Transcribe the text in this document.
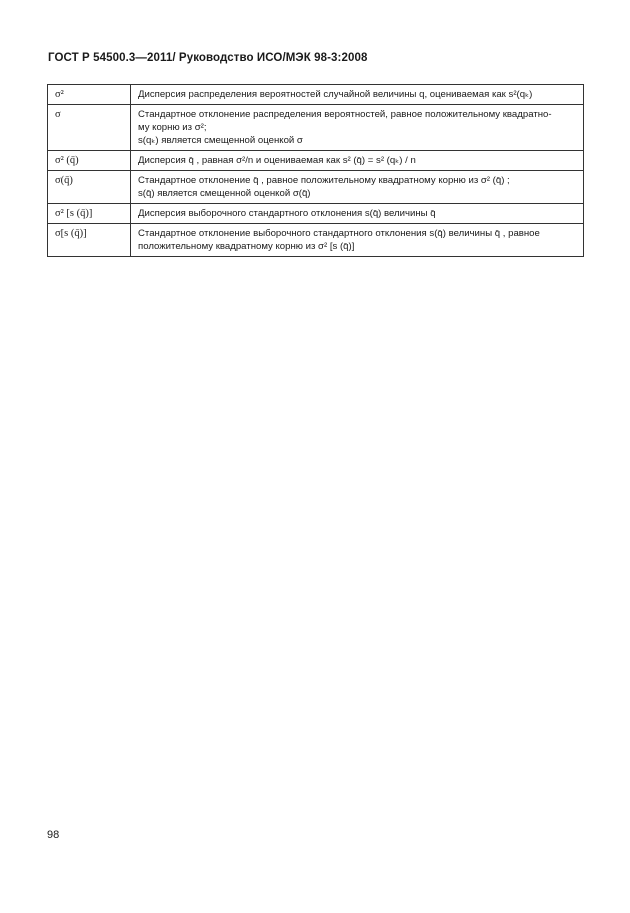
ГОСТ Р 54500.3—2011/ Руководство ИСО/МЭК 98-3:2008
σ²	Дисперсия распределения вероятностей случайной величины q, оцениваемая как s²(qₖ)

σ	Стандартное отклонение распределения вероятностей, равное положительному квадратно-
му корню из σ²;
s(qₖ) является смещенной оценкой σ

σ² (q̄)	Дисперсия q̄ , равная σ²/n и оцениваемая как s² (q̄) = s² (qₖ) / n

σ(q̄)	Стандартное отклонение q̄ , равное положительному квадратному корню из σ² (q̄) ;
s(q̄) является смещенной оценкой σ(q̄)

σ² [s (q̄)]	Дисперсия выборочного стандартного отклонения s(q̄) величины q̄

σ[s (q̄)]	Стандартное отклонение выборочного стандартного отклонения s(q̄) величины q̄ , равное
положительному квадратному корню из σ² [s (q̄)]
98
